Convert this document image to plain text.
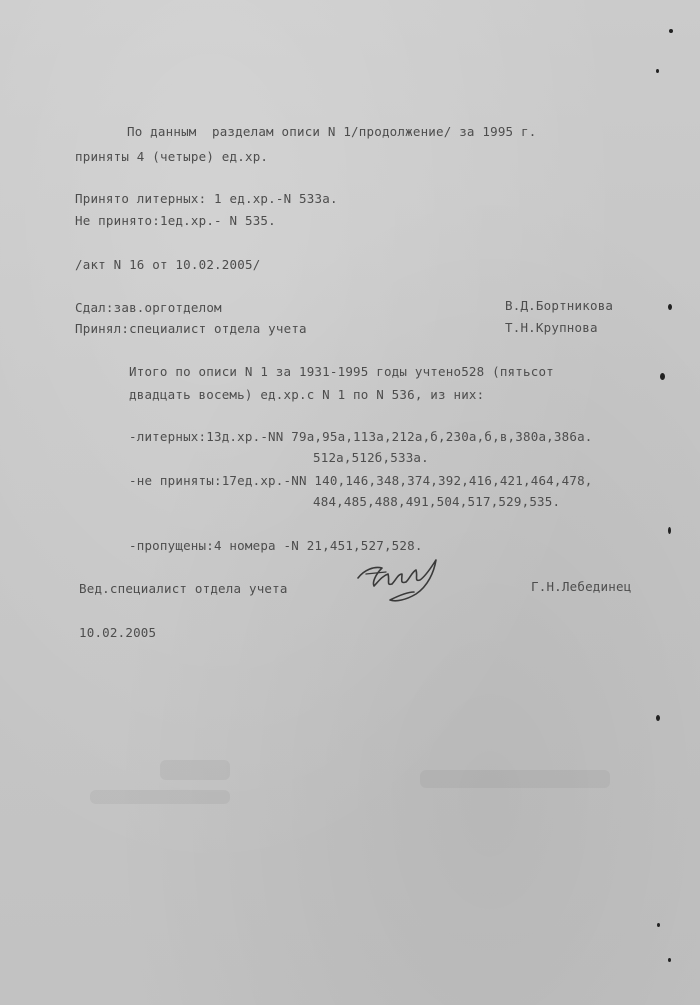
По данным  разделам описи N 1/продолжение/ за 1995 г.
приняты 4 (четыре) ед.хр.
Принято литерных: 1 ед.хр.-N 533а.
Не принято:1ед.хр.- N 535.
/акт N 16 от 10.02.2005/
Сдал:зав.орготделом
Принял:специалист отдела учета
В.Д.Бортникова
Т.Н.Крупнова
Итого по описи N 1 за 1931-1995 годы учтено528 (пятьсот
двадцать восемь) ед.хр.с N 1 по N 536, из них:
-литерных:13д.хр.-NN 79а,95а,113а,212а,б,230а,б,в,380а,386а.
512а,512б,533а.
-не приняты:17ед.хр.-NN 140,146,348,374,392,416,421,464,478,
484,485,488,491,504,517,529,535.
-пропущены:4 номера -N 21,451,527,528.
Вед.специалист отдела учета	Г.Н.Лебединец
10.02.2005
